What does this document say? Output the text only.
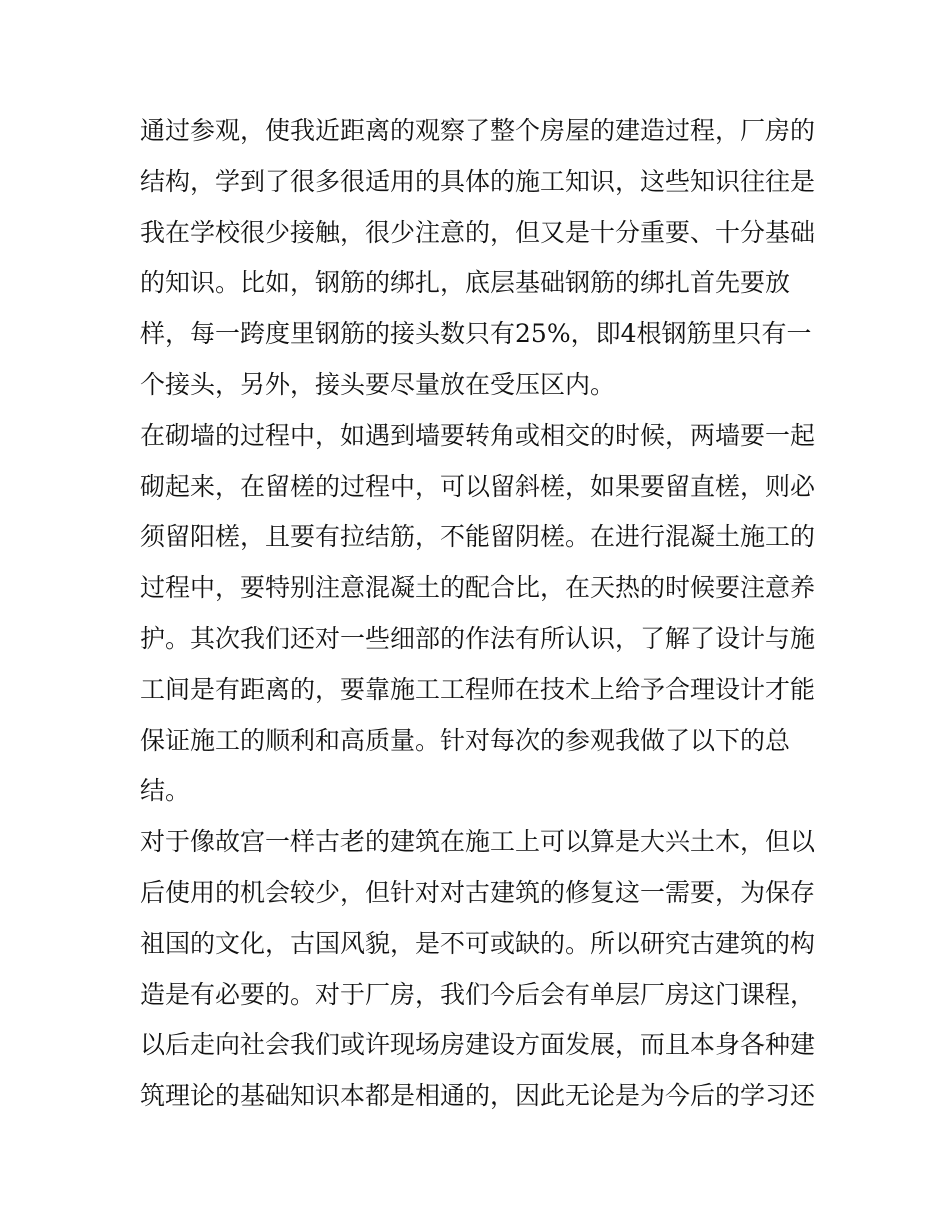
通过参观，使我近距离的观察了整个房屋的建造过程，厂房的
结构，学到了很多很适用的具体的施工知识，这些知识往往是
我在学校很少接触，很少注意的，但又是十分重要、十分基础
的知识。比如，钢筋的绑扎，底层基础钢筋的绑扎首先要放
样，每一跨度里钢筋的接头数只有25%，即4根钢筋里只有一
个接头，另外，接头要尽量放在受压区内。
在砌墙的过程中，如遇到墙要转角或相交的时候，两墙要一起
砌起来，在留槎的过程中，可以留斜槎，如果要留直槎，则必
须留阳槎，且要有拉结筋，不能留阴槎。在进行混凝土施工的
过程中，要特别注意混凝土的配合比，在天热的时候要注意养
护。其次我们还对一些细部的作法有所认识，了解了设计与施
工间是有距离的，要靠施工工程师在技术上给予合理设计才能
保证施工的顺利和高质量。针对每次的参观我做了以下的总
结。
对于像故宫一样古老的建筑在施工上可以算是大兴土木，但以
后使用的机会较少，但针对对古建筑的修复这一需要，为保存
祖国的文化，古国风貌，是不可或缺的。所以研究古建筑的构
造是有必要的。对于厂房，我们今后会有单层厂房这门课程，
以后走向社会我们或许现场房建设方面发展，而且本身各种建
筑理论的基础知识本都是相通的，因此无论是为今后的学习还
